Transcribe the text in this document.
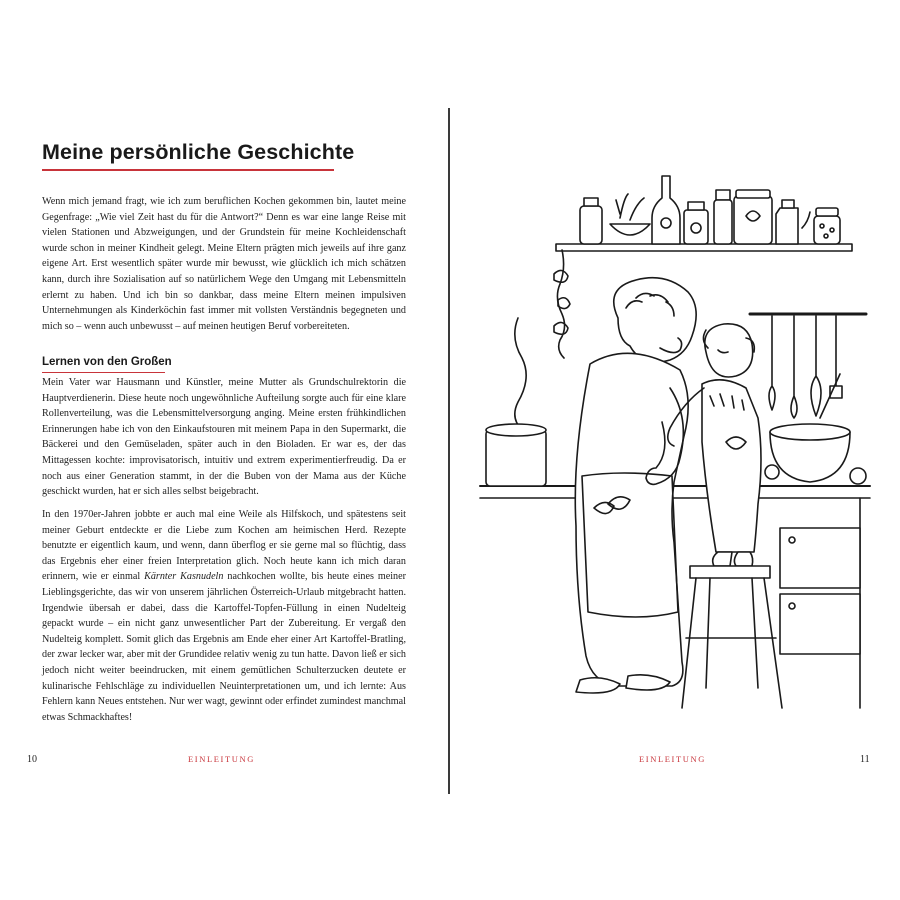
Meine persönliche Geschichte

Wenn mich jemand fragt, wie ich zum beruflichen Kochen gekommen bin, lautet meine Gegenfrage: „Wie viel Zeit hast du für die Antwort?“ Denn es war eine lange Reise mit vielen Stationen und Abzweigungen, und der Grundstein für meine Kochleidenschaft wurde schon in meiner Kindheit gelegt. Meine Eltern prägten mich jeweils auf ihre ganz eigene Art. Erst wesentlich später wurde mir bewusst, wie glücklich ich mich schätzen kann, durch ihre Sozialisation auf so natürlichem Wege den Umgang mit Lebensmitteln erlernt zu haben. Und ich bin so dankbar, dass meine Eltern meinen impulsiven Unternehmungen als Kinderköchin fast immer mit vollsten Verständnis begegneten und mich so – wenn auch unbewusst – auf meinen heutigen Beruf vorbereiteten.

Lernen von den Großen

Mein Vater war Hausmann und Künstler, meine Mutter als Grundschulrektorin die Hauptverdienerin. Diese heute noch ungewöhnliche Aufteilung sorgte auch für eine klare Rollenverteilung, was die Lebensmittelversorgung anging. Meine ersten frühkindlichen Erinnerungen habe ich von den Einkaufstouren mit meinem Papa in den Supermarkt, die Bäckerei und den Gemüseladen, später auch in den Bioladen. Er war es, der das Mittagessen kochte: improvisatorisch, intuitiv und extrem experimentierfreudig. Da er noch aus einer Generation stammt, in der die Buben von der Mama aus der Küche geschickt wurden, hat er sich alles selbst beigebracht.

In den 1970er-Jahren jobbte er auch mal eine Weile als Hilfskoch, und spätestens seit meiner Geburt entdeckte er die Liebe zum Kochen am heimischen Herd. Rezepte benutzte er eigentlich kaum, und wenn, dann überflog er sie gerne mal so flüchtig, dass das Ergebnis eher einer freien Interpretation glich. Noch heute kann ich mich daran erinnern, wie er einmal Kärnter Kasnudeln nachkochen wollte, bis heute eines meiner Lieblingsgerichte, das wir von unserem jährlichen Österreich-Urlaub mitgebracht hatten. Irgendwie übersah er dabei, dass die Kartoffel-Topfen-Füllung in einen Nudelteig gepackt wurde – ein nicht ganz unwesentlicher Part der Zubereitung. Er vergaß den Nudelteig komplett. Somit glich das Ergebnis am Ende eher einer Art Kartoffel-Bratling, der zwar lecker war, aber mit der Grundidee relativ wenig zu tun hatte. Davon ließ er sich jedoch nicht weiter beeindrucken, mit einem gemütlichen Schulterzucken deutete er kulinarische Fehlschläge zu individuellen Neuinterpretationen um, und ich lernte: Aus Fehlern kann Neues entstehen. Nur wer wagt, gewinnt oder erfindet zumindest manchmal etwas Schmackhaftes!

10	EINLEITUNG	11
EINLEITUNG
